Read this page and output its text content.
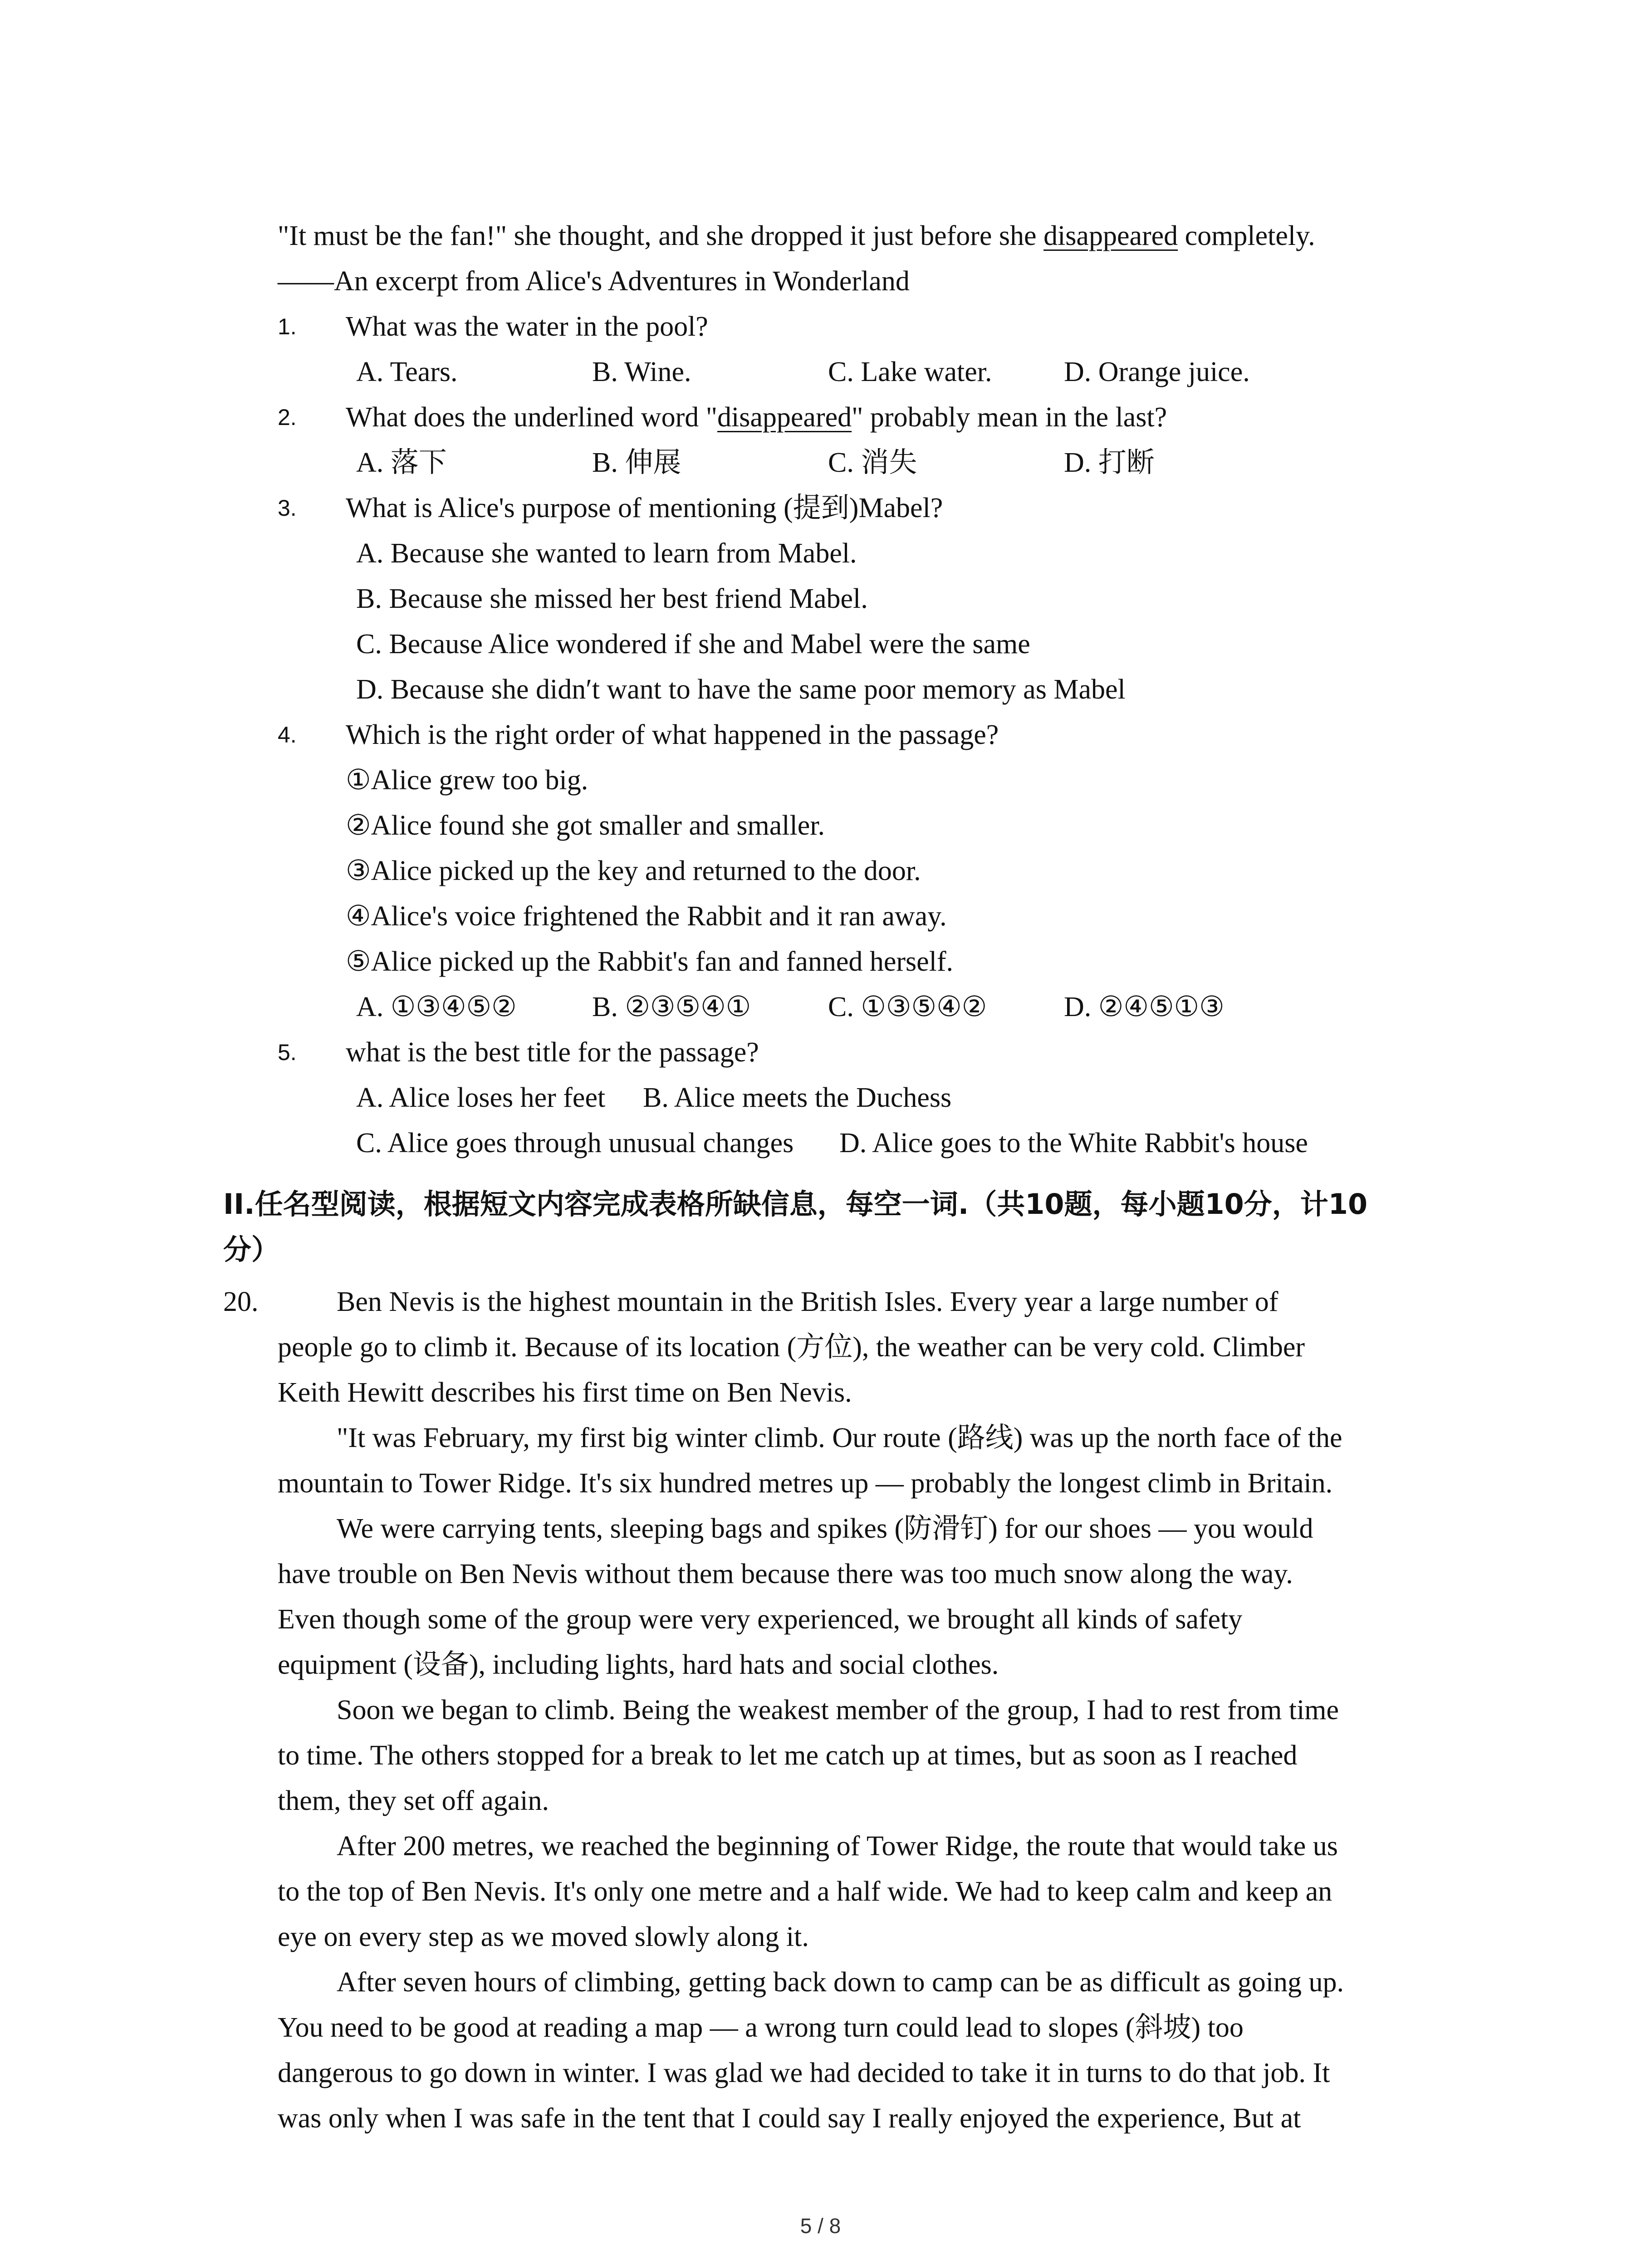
"It must be the fan!" she thought, and she dropped it just before she disappeared completely.
——An excerpt from Alice's Adventures in Wonderland
1. What was the water in the pool?
A. Tears.	B. Wine.	C. Lake water.	D. Orange juice.
2. What does the underlined word "disappeared" probably mean in the last?
A. 落下	B. 伸展	C. 消失	D. 打断
3. What is Alice's purpose of mentioning (提到)Mabel?
A. Because she wanted to learn from Mabel.
B. Because she missed her best friend Mabel.
C. Because Alice wondered if she and Mabel were the same
D. Because she didn′t want to have the same poor memory as Mabel
4. Which is the right order of what happened in the passage?
①Alice grew too big.
②Alice found she got smaller and smaller.
③Alice picked up the key and returned to the door.
④Alice's voice frightened the Rabbit and it ran away.
⑤Alice picked up the Rabbit's fan and fanned herself.
A. ①③④⑤②	B. ②③⑤④①	C. ①③⑤④②	D. ②④⑤①③
5. what is the best title for the passage?
A. Alice loses her feet B. Alice meets the Duchess
C. Alice goes through unusual changes D. Alice goes to the White Rabbit's house
II.任名型阅读，根据短文内容完成表格所缺信息，每空一词.（共10题，每小题10分，计10
分）
20.	Ben Nevis is the highest mountain in the British Isles. Every year a large number of
people go to climb it. Because of its location (方位), the weather can be very cold. Climber
Keith Hewitt describes his first time on Ben Nevis.
"It was February, my first big winter climb. Our route (路线) was up the north face of the
mountain to Tower Ridge. It's six hundred metres up — probably the longest climb in Britain.
We were carrying tents, sleeping bags and spikes (防滑钉) for our shoes — you would
have trouble on Ben Nevis without them because there was too much snow along the way.
Even though some of the group were very experienced, we brought all kinds of safety
equipment (设备), including lights, hard hats and social clothes.
Soon we began to climb. Being the weakest member of the group, I had to rest from time
to time. The others stopped for a break to let me catch up at times, but as soon as I reached
them, they set off again.
After 200 metres, we reached the beginning of Tower Ridge, the route that would take us
to the top of Ben Nevis. It's only one metre and a half wide. We had to keep calm and keep an
eye on every step as we moved slowly along it.
After seven hours of climbing, getting back down to camp can be as difficult as going up.
You need to be good at reading a map — a wrong turn could lead to slopes (斜坡) too
dangerous to go down in winter. I was glad we had decided to take it in turns to do that job. It
was only when I was safe in the tent that I could say I really enjoyed the experience, But at
5 / 8
